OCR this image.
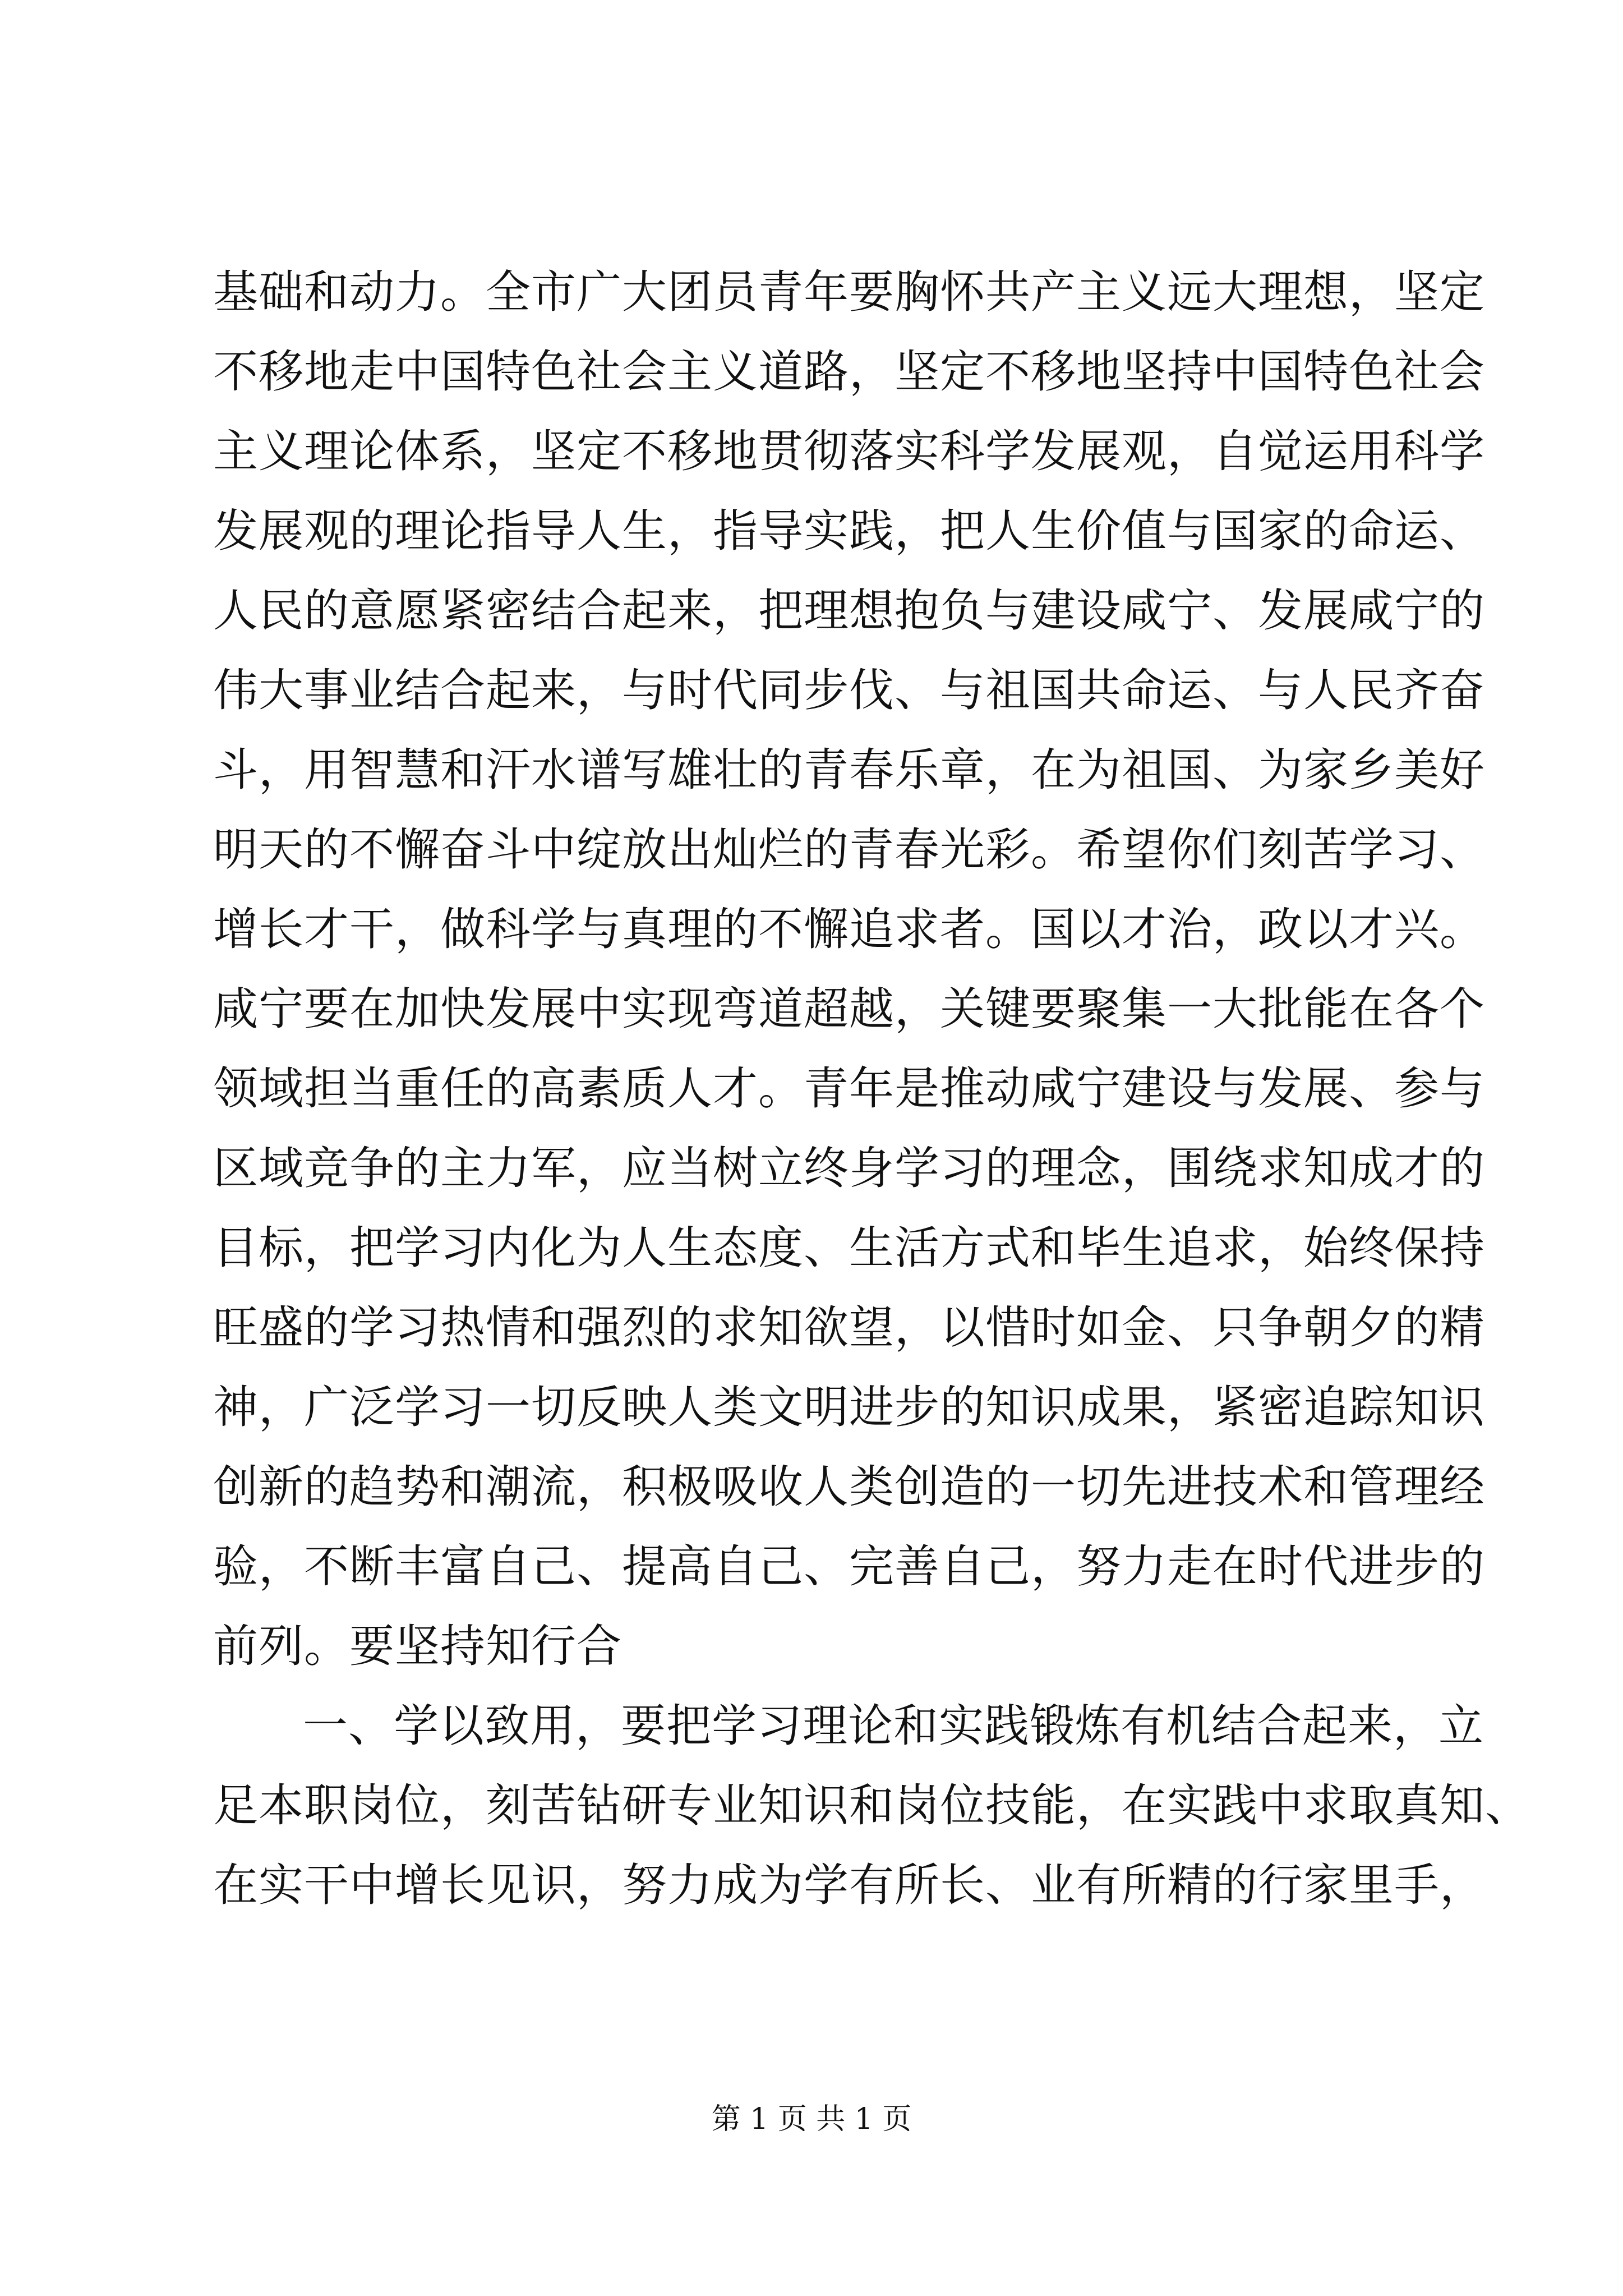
基础和动力。全市广大团员青年要胸怀共产主义远大理想，坚定
不移地走中国特色社会主义道路，坚定不移地坚持中国特色社会
主义理论体系，坚定不移地贯彻落实科学发展观，自觉运用科学
发展观的理论指导人生，指导实践，把人生价值与国家的命运、
人民的意愿紧密结合起来，把理想抱负与建设咸宁、发展咸宁的
伟大事业结合起来，与时代同步伐、与祖国共命运、与人民齐奋
斗，用智慧和汗水谱写雄壮的青春乐章，在为祖国、为家乡美好
明天的不懈奋斗中绽放出灿烂的青春光彩。希望你们刻苦学习、
增长才干，做科学与真理的不懈追求者。国以才治，政以才兴。
咸宁要在加快发展中实现弯道超越，关键要聚集一大批能在各个
领域担当重任的高素质人才。青年是推动咸宁建设与发展、参与
区域竞争的主力军，应当树立终身学习的理念，围绕求知成才的
目标，把学习内化为人生态度、生活方式和毕生追求，始终保持
旺盛的学习热情和强烈的求知欲望，以惜时如金、只争朝夕的精
神，广泛学习一切反映人类文明进步的知识成果，紧密追踪知识
创新的趋势和潮流，积极吸收人类创造的一切先进技术和管理经
验，不断丰富自己、提高自己、完善自己，努力走在时代进步的
前列。要坚持知行合
一、学以致用，要把学习理论和实践锻炼有机结合起来，立
足本职岗位，刻苦钻研专业知识和岗位技能，在实践中求取真知、
在实干中增长见识，努力成为学有所长、业有所精的行家里手，
第 1 页 共 1 页
